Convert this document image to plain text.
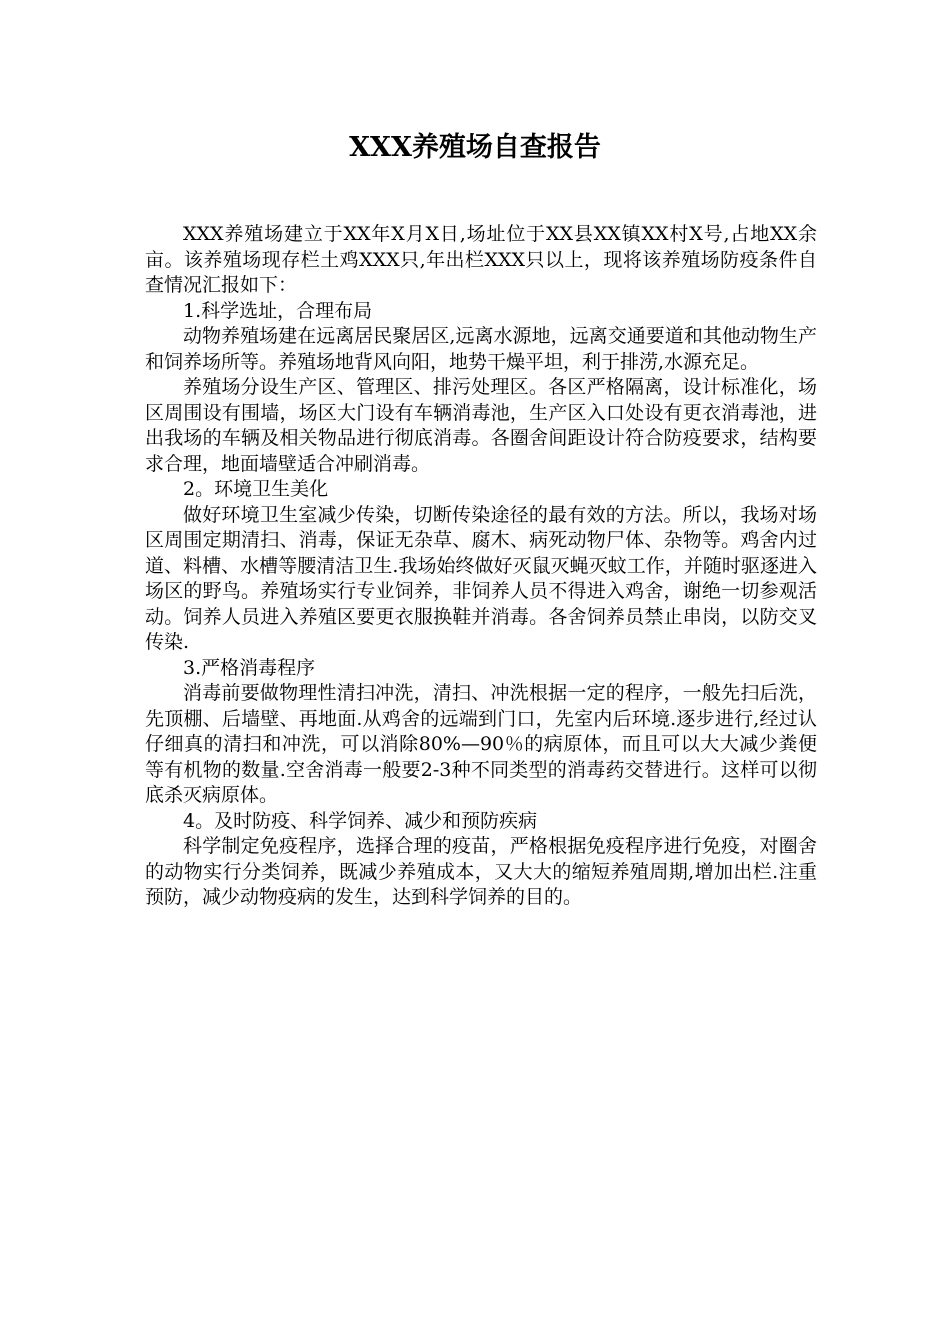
XXX养殖场自查报告

XXX养殖场建立于XX年X月X日,场址位于XX县XX镇XX村X号,占地XX余亩。该养殖场现存栏土鸡XXX只,年出栏XXX只以上，现将该养殖场防疫条件自查情况汇报如下：

1.科学选址，合理布局

动物养殖场建在远离居民聚居区,远离水源地，远离交通要道和其他动物生产和饲养场所等。养殖场地背风向阳，地势干燥平坦，利于排涝,水源充足。

养殖场分设生产区、管理区、排污处理区。各区严格隔离，设计标准化，场区周围设有围墙，场区大门设有车辆消毒池，生产区入口处设有更衣消毒池，进出我场的车辆及相关物品进行彻底消毒。各圈舍间距设计符合防疫要求，结构要求合理，地面墙壁适合冲刷消毒。

2。环境卫生美化

做好环境卫生室减少传染，切断传染途径的最有效的方法。所以，我场对场区周围定期清扫、消毒，保证无杂草、腐木、病死动物尸体、杂物等。鸡舍内过道、料槽、水槽等腰清洁卫生.我场始终做好灭鼠灭蝇灭蚊工作，并随时驱逐进入场区的野鸟。养殖场实行专业饲养，非饲养人员不得进入鸡舍，谢绝一切参观活动。饲养人员进入养殖区要更衣服换鞋并消毒。各舍饲养员禁止串岗，以防交叉传染.

3.严格消毒程序

消毒前要做物理性清扫冲洗，清扫、冲洗根据一定的程序，一般先扫后洗，先顶棚、后墙壁、再地面.从鸡舍的远端到门口，先室内后环境.逐步进行,经过认仔细真的清扫和冲洗，可以消除80%—90％的病原体，而且可以大大减少粪便等有机物的数量.空舍消毒一般要2-3种不同类型的消毒药交替进行。这样可以彻底杀灭病原体。

4。及时防疫、科学饲养、减少和预防疾病

科学制定免疫程序，选择合理的疫苗，严格根据免疫程序进行免疫，对圈舍的动物实行分类饲养，既减少养殖成本，又大大的缩短养殖周期,增加出栏.注重预防，减少动物疫病的发生，达到科学饲养的目的。
